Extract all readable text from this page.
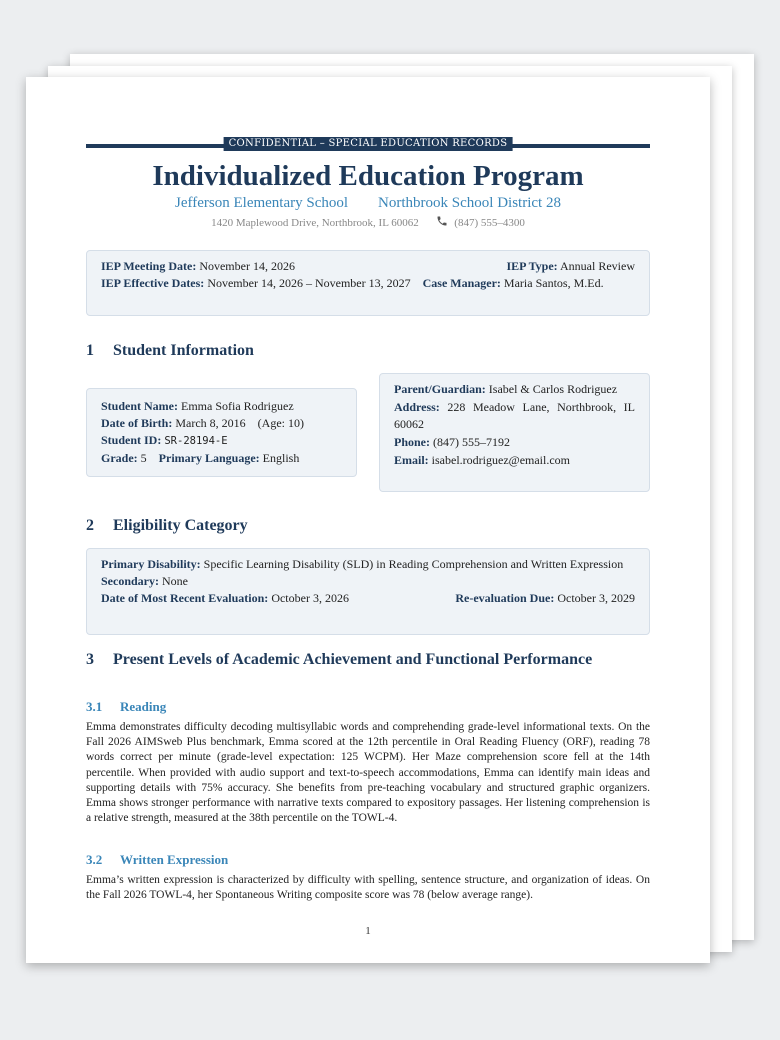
CONFIDENTIAL – SPECIAL EDUCATION RECORDS
Individualized Education Program
Jefferson Elementary School Northbrook School District 28
1420 Maplewood Drive, Northbrook, IL 60062	(847) 555–4300
IEP Meeting Date: November 14, 2026	IEP Type: Annual Review
IEP Effective Dates: November 14, 2026 – November 13, 2027 Case Manager: Maria Santos, M.Ed.
1 Student Information
Student Name: Emma Sofia Rodriguez
Date of Birth: March 8, 2016 (Age: 10)
Student ID: SR-28194-E
Grade: 5 Primary Language: English
Parent/Guardian: Isabel & Carlos Rodriguez
Address: 228 Meadow Lane, Northbrook, IL 60062
Phone: (847) 555–7192
Email: isabel.rodriguez@email.com
2 Eligibility Category
Primary Disability: Specific Learning Disability (SLD) in Reading Comprehension and Written Expression
Secondary: None
Date of Most Recent Evaluation: October 3, 2026	Re-evaluation Due: October 3, 2029
3 Present Levels of Academic Achievement and Functional Performance
3.1 Reading
Emma demonstrates difficulty decoding multisyllabic words and comprehending grade-level informational texts. On the Fall 2026 AIMSweb Plus benchmark, Emma scored at the 12th percentile in Oral Reading Fluency (ORF), reading 78 words correct per minute (grade-level expectation: 125 WCPM). Her Maze comprehension score fell at the 14th percentile. When provided with audio support and text-to-speech accommodations, Emma can identify main ideas and supporting details with 75% accuracy. She benefits from pre-teaching vocabulary and structured graphic organizers. Emma shows stronger performance with narrative texts compared to expository passages. Her listening comprehension is a relative strength, measured at the 38th percentile on the TOWL-4.
3.2 Written Expression
Emma’s written expression is characterized by difficulty with spelling, sentence structure, and organization of ideas. On the Fall 2026 TOWL-4, her Spontaneous Writing composite score was 78 (below average range).
1
